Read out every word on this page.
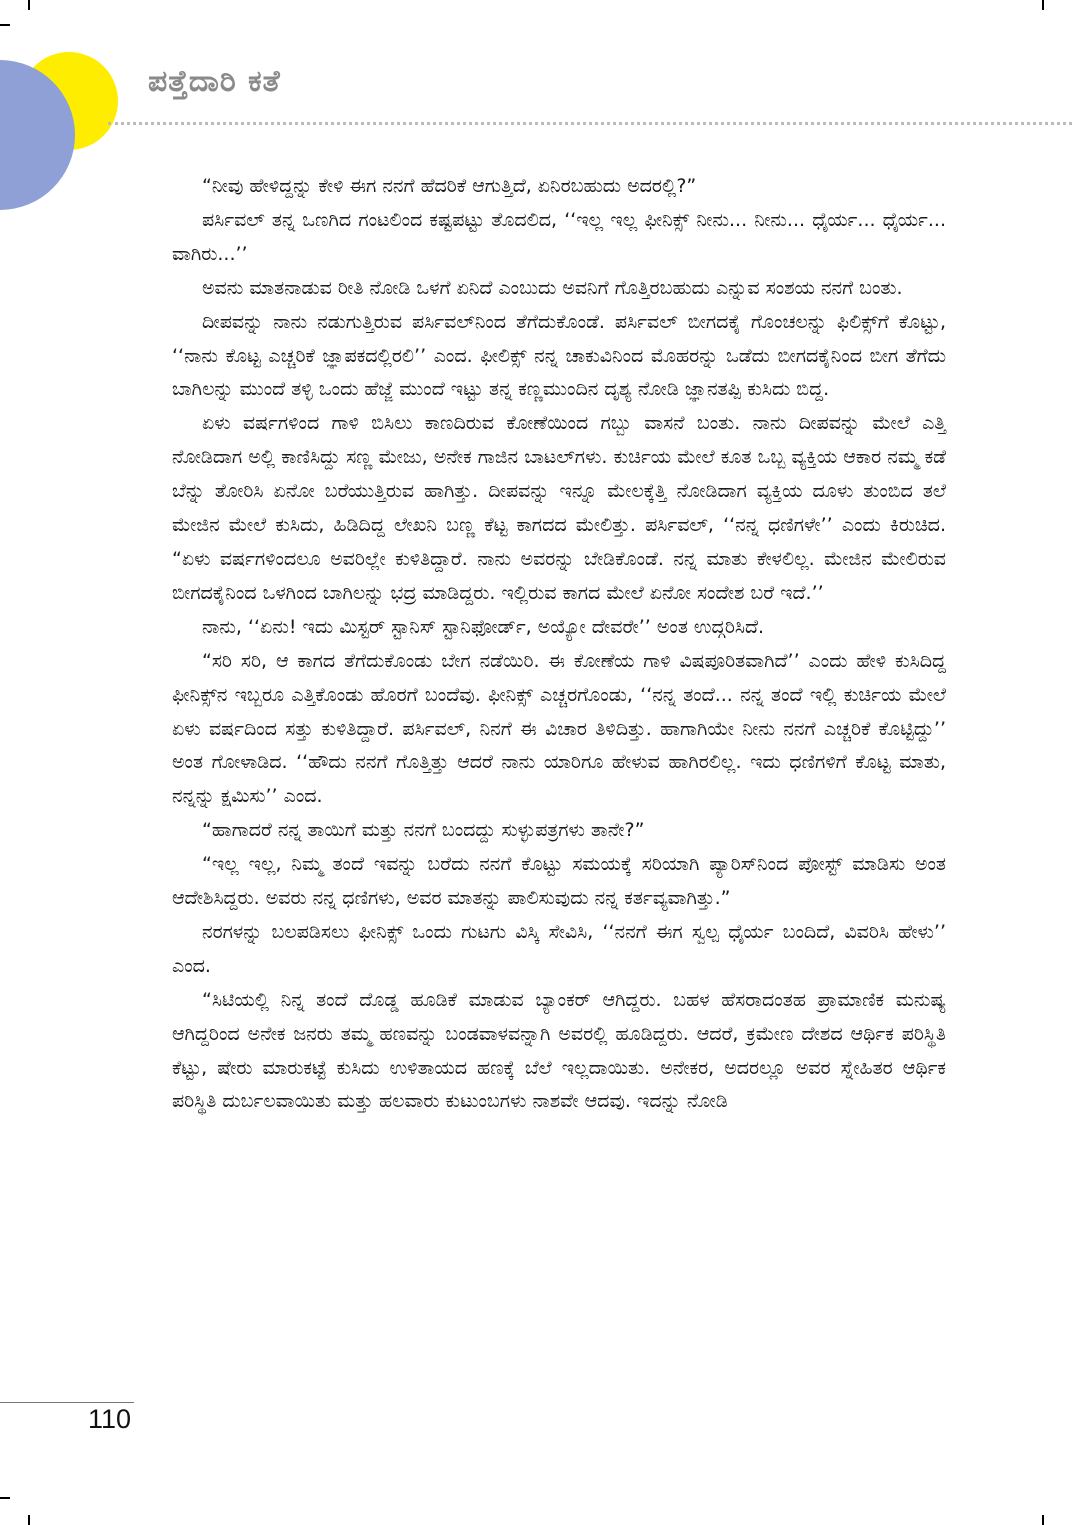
ಪತ್ತೆದಾರಿ ಕತೆ

“ನೀವು ಹೇಳಿದ್ದನ್ನು ಕೇಳಿ ಈಗ ನನಗೆ ಹೆದರಿಕೆ ಆಗುತ್ತಿದೆ, ಏನಿರಬಹುದು ಅದರಲ್ಲಿ?”

ಪರ್ಸಿವಲ್ ತನ್ನ ಒಣಗಿದ ಗಂಟಲಿಂದ ಕಷ್ಟಪಟ್ಟು ತೊದಲಿದ, ‘‘ಇಲ್ಲ ಇಲ್ಲ ಫೀನಿಕ್ಸ್ ನೀನು... ನೀನು... ಧೈರ್ಯ... ಧೈರ್ಯ... ವಾಗಿರು...’’

ಅವನು ಮಾತನಾಡುವ ರೀತಿ ನೋಡಿ ಒಳಗೆ ಏನಿದೆ ಎಂಬುದು ಅವನಿಗೆ ಗೊತ್ತಿರಬಹುದು ಎನ್ನುವ ಸಂಶಯ ನನಗೆ ಬಂತು.

ದೀಪವನ್ನು ನಾನು ನಡುಗುತ್ತಿರುವ ಪರ್ಸಿವಲ್‌ನಿಂದ ತೆಗೆದುಕೊಂಡೆ. ಪರ್ಸಿವಲ್ ಬೀಗದಕೈ ಗೊಂಚಲನ್ನು ಫಿಲಿಕ್ಸ್‌ಗೆ ಕೊಟ್ಟು, ‘‘ನಾನು ಕೊಟ್ಟ ಎಚ್ಚರಿಕೆ ಜ್ಞಾಪಕದಲ್ಲಿರಲಿ’’ ಎಂದ. ಫೀಲಿಕ್ಸ್ ನನ್ನ ಚಾಕುವಿನಿಂದ ಮೊಹರನ್ನು ಒಡೆದು ಬೀಗದಕೈನಿಂದ ಬೀಗ ತೆಗೆದು ಬಾಗಿಲನ್ನು ಮುಂದೆ ತಳ್ಳಿ ಒಂದು ಹೆಜ್ಜೆ ಮುಂದೆ ಇಟ್ಟು ತನ್ನ ಕಣ್ಣಮುಂದಿನ ದೃಶ್ಯ ನೋಡಿ ಜ್ಞಾನತಪ್ಪಿ ಕುಸಿದು ಬಿದ್ದ.

ಏಳು ವರ್ಷಗಳಿಂದ ಗಾಳಿ ಬಿಸಿಲು ಕಾಣದಿರುವ ಕೋಣೆಯಿಂದ ಗಬ್ಬು ವಾಸನೆ ಬಂತು. ನಾನು ದೀಪವನ್ನು ಮೇಲೆ ಎತ್ತಿ ನೋಡಿದಾಗ ಅಲ್ಲಿ ಕಾಣಿಸಿದ್ದು ಸಣ್ಣ ಮೇಜು, ಅನೇಕ ಗಾಜಿನ ಬಾಟಲ್‌ಗಳು. ಕುರ್ಚಿಯ ಮೇಲೆ ಕೂತ ಒಬ್ಬ ವ್ಯಕ್ತಿಯ ಆಕಾರ ನಮ್ಮ ಕಡೆ ಬೆನ್ನು ತೋರಿಸಿ ಏನೋ ಬರೆಯುತ್ತಿರುವ ಹಾಗಿತ್ತು. ದೀಪವನ್ನು ಇನ್ನೂ ಮೇಲಕ್ಕೆತ್ತಿ ನೋಡಿದಾಗ ವ್ಯಕ್ತಿಯ ದೂಳು ತುಂಬಿದ ತಲೆ ಮೇಜಿನ ಮೇಲೆ ಕುಸಿದು, ಹಿಡಿದಿದ್ದ ಲೇಖನಿ ಬಣ್ಣ ಕೆಟ್ಟ ಕಾಗದದ ಮೇಲಿತ್ತು. ಪರ್ಸಿವಲ್, ‘‘ನನ್ನ ಧಣಿಗಳೇ’’ ಎಂದು ಕಿರುಚಿದ. “ಏಳು ವರ್ಷಗಳಿಂದಲೂ ಅವರಿಲ್ಲೇ ಕುಳಿತಿದ್ದಾರೆ. ನಾನು ಅವರನ್ನು ಬೇಡಿಕೊಂಡೆ. ನನ್ನ ಮಾತು ಕೇಳಲಿಲ್ಲ. ಮೇಜಿನ ಮೇಲಿರುವ ಬೀಗದಕೈನಿಂದ ಒಳಗಿಂದ ಬಾಗಿಲನ್ನು ಭದ್ರ ಮಾಡಿದ್ದರು. ಇಲ್ಲಿರುವ ಕಾಗದ ಮೇಲೆ ಏನೋ ಸಂದೇಶ ಬರೆ ಇದೆ.’’

ನಾನು, ‘‘ಏನು! ಇದು ಮಿಸ್ಟರ್ ಸ್ಟಾನಿಸ್ ಸ್ಟಾನಿಫೋರ್ಡ್, ಅಯ್ಯೋ ದೇವರೇ’’ ಅಂತ ಉದ್ಗರಿಸಿದೆ.

“ಸರಿ ಸರಿ, ಆ ಕಾಗದ ತೆಗೆದುಕೊಂಡು ಬೇಗ ನಡೆಯಿರಿ. ಈ ಕೋಣೆಯ ಗಾಳಿ ವಿಷಪೂರಿತವಾಗಿದೆ’’ ಎಂದು ಹೇಳಿ ಕುಸಿದಿದ್ದ ಫೀನಿಕ್ಸ್‌ನ ಇಬ್ಬರೂ ಎತ್ತಿಕೊಂಡು ಹೊರಗೆ ಬಂದೆವು. ಫೀನಿಕ್ಸ್ ಎಚ್ಚರಗೊಂಡು, ‘‘ನನ್ನ ತಂದೆ... ನನ್ನ ತಂದೆ ಇಲ್ಲಿ ಕುರ್ಚಿಯ ಮೇಲೆ ಏಳು ವರ್ಷದಿಂದ ಸತ್ತು ಕುಳಿತಿದ್ದಾರೆ. ಪರ್ಸಿವಲ್, ನಿನಗೆ ಈ ವಿಚಾರ ತಿಳಿದಿತ್ತು. ಹಾಗಾಗಿಯೇ ನೀನು ನನಗೆ ಎಚ್ಚರಿಕೆ ಕೊಟ್ಟಿದ್ದು’’ ಅಂತ ಗೋಳಾಡಿದ. ‘‘ಹೌದು ನನಗೆ ಗೊತ್ತಿತ್ತು ಆದರೆ ನಾನು ಯಾರಿಗೂ ಹೇಳುವ ಹಾಗಿರಲಿಲ್ಲ. ಇದು ಧಣಿಗಳಿಗೆ ಕೊಟ್ಟ ಮಾತು, ನನ್ನನ್ನು ಕ್ಷಮಿಸು’’ ಎಂದ.

“ಹಾಗಾದರೆ ನನ್ನ ತಾಯಿಗೆ ಮತ್ತು ನನಗೆ ಬಂದದ್ದು ಸುಳ್ಳುಪತ್ರಗಳು ತಾನೇ?”

“ಇಲ್ಲ ಇಲ್ಲ, ನಿಮ್ಮ ತಂದೆ ಇವನ್ನು ಬರೆದು ನನಗೆ ಕೊಟ್ಟು ಸಮಯಕ್ಕೆ ಸರಿಯಾಗಿ ಪ್ಯಾರಿಸ್‌ನಿಂದ ಪೋಸ್ಟ್ ಮಾಡಿಸು ಅಂತ ಆದೇಶಿಸಿದ್ದರು. ಅವರು ನನ್ನ ಧಣಿಗಳು, ಅವರ ಮಾತನ್ನು ಪಾಲಿಸುವುದು ನನ್ನ ಕರ್ತವ್ಯವಾಗಿತ್ತು.”

ನರಗಳನ್ನು ಬಲಪಡಿಸಲು ಫೀನಿಕ್ಸ್ ಒಂದು ಗುಟಗು ವಿಸ್ಕಿ ಸೇವಿಸಿ, ‘‘ನನಗೆ ಈಗ ಸ್ವಲ್ಪ ಧೈರ್ಯ ಬಂದಿದೆ, ವಿವರಿಸಿ ಹೇಳು’’ ಎಂದ.

“ಸಿಟಿಯಲ್ಲಿ ನಿನ್ನ ತಂದೆ ದೊಡ್ಡ ಹೂಡಿಕೆ ಮಾಡುವ ಬ್ಯಾಂಕರ್ ಆಗಿದ್ದರು. ಬಹಳ ಹೆಸರಾದಂತಹ ಪ್ರಾಮಾಣಿಕ ಮನುಷ್ಯ ಆಗಿದ್ದರಿಂದ ಅನೇಕ ಜನರು ತಮ್ಮ ಹಣವನ್ನು ಬಂಡವಾಳವನ್ನಾಗಿ ಅವರಲ್ಲಿ ಹೂಡಿದ್ದರು. ಆದರೆ, ಕ್ರಮೇಣ ದೇಶದ ಆರ್ಥಿಕ ಪರಿಸ್ಥಿತಿ ಕೆಟ್ಟು, ಷೇರು ಮಾರುಕಟ್ಟೆ ಕುಸಿದು ಉಳಿತಾಯದ ಹಣಕ್ಕೆ ಬೆಲೆ ಇಲ್ಲದಾಯಿತು. ಅನೇಕರ, ಅದರಲ್ಲೂ ಅವರ ಸ್ನೇಹಿತರ ಆರ್ಥಿಕ ಪರಿಸ್ಥಿತಿ ದುರ್ಬಲವಾಯಿತು ಮತ್ತು ಹಲವಾರು ಕುಟುಂಬಗಳು ನಾಶವೇ ಆದವು. ಇದನ್ನು ನೋಡಿ

110
